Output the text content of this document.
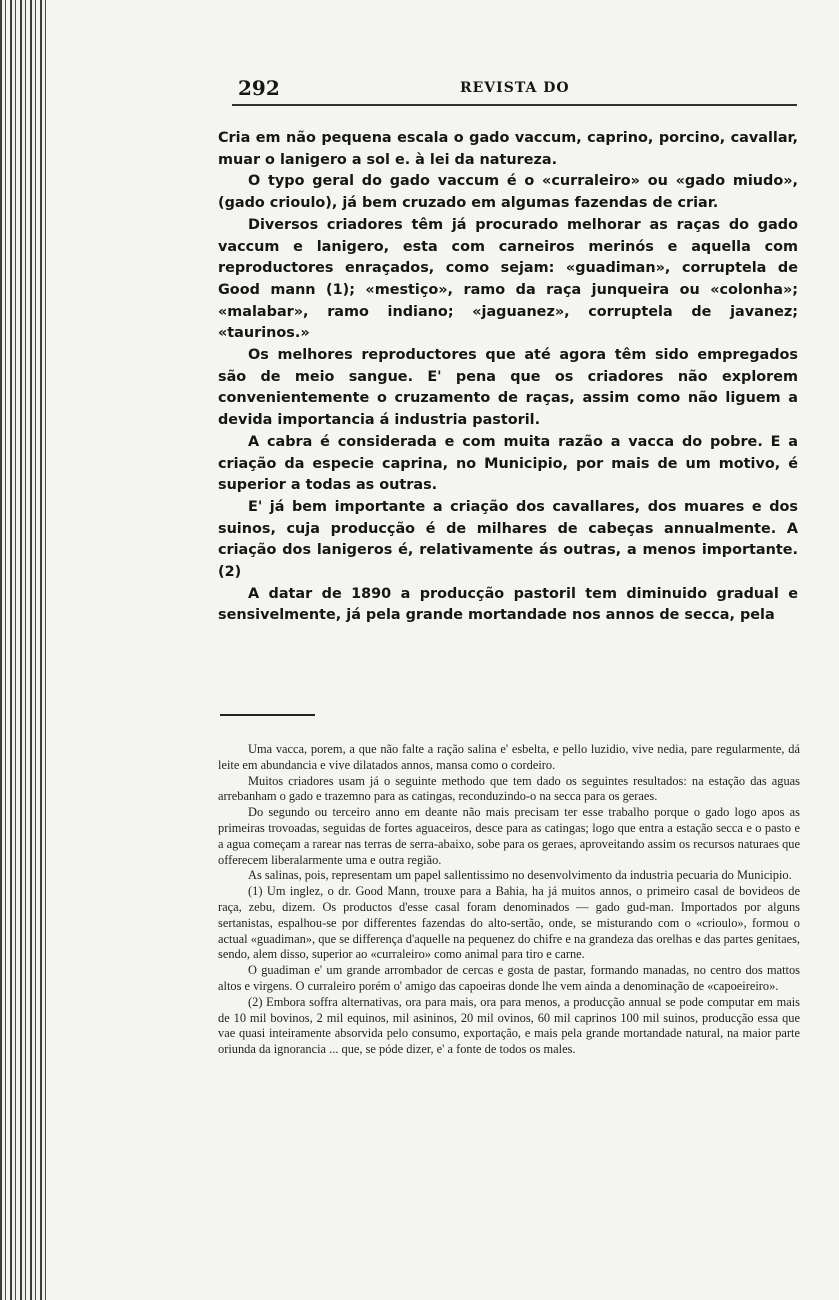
292	REVISTA DO

Cria em não pequena escala o gado vaccum, caprino, porcino, cavallar, muar o lanigero a sol e. à lei da natureza.

O typo geral do gado vaccum é o «curraleiro» ou «gado miudo», (gado crioulo), já bem cruzado em algumas fazendas de criar.

Diversos criadores têm já procurado melhorar as raças do gado vaccum e lanigero, esta com carneiros merinós e aquella com reproductores enraçados, como sejam: «guadiman», corruptela de Good mann (1); «mestiço», ramo da raça junqueira ou «colonha»; «malabar», ramo indiano; «jaguanez», corruptela de javanez; «taurinos.»

Os melhores reproductores que até agora têm sido empregados são de meio sangue. E' pena que os criadores não explorem convenientemente o cruzamento de raças, assim como não liguem a devida importancia á industria pastoril.

A cabra é considerada e com muita razão a vacca do pobre. E a criação da especie caprina, no Municipio, por mais de um motivo, é superior a todas as outras.

E' já bem importante a criação dos cavallares, dos muares e dos suinos, cuja producção é de milhares de cabeças annualmente. A criação dos lanigeros é, relativamente ás outras, a menos importante. (2)

A datar de 1890 a producção pastoril tem diminuido gradual e sensivelmente, já pela grande mortandade nos annos de secca, pela

Uma vacca, porem, a que não falte a ração salina e' esbelta, e pello luzidio, vive nedia, pare regularmente, dá leite em abundancia e vive dilatados annos, mansa como o cordeiro.

Muitos criadores usam já o seguinte methodo que tem dado os seguintes resultados: na estação das aguas arrebanham o gado e trazemno para as catingas, reconduzindo-o na secca para os geraes.

Do segundo ou terceiro anno em deante não mais precisam ter esse trabalho porque o gado logo apos as primeiras trovoadas, seguidas de fortes aguaceiros, desce para as catingas; logo que entra a estação secca e o pasto e a agua começam a rarear nas terras de serra-abaixo, sobe para os geraes, aproveitando assim os recursos naturaes que offerecem liberalarmente uma e outra região.

As salinas, pois, representam um papel sallentissimo no desenvolvimento da industria pecuaria do Municipio.

(1) Um inglez, o dr. Good Mann, trouxe para a Bahia, ha já muitos annos, o primeiro casal de bovideos de raça, zebu, dizem. Os productos d'esse casal foram denominados — gado gud-man. Importados por alguns sertanistas, espalhou-se por differentes fazendas do alto-sertão, onde, se misturando com o «crioulo», formou o actual «guadiman», que se differença d'aquelle na pequenez do chifre e na grandeza das orelhas e das partes genitaes, sendo, alem disso, superior ao «curraleiro» como animal para tiro e carne.

O guadiman e' um grande arrombador de cercas e gosta de pastar, formando manadas, no centro dos mattos altos e virgens. O curraleiro porém o' amigo das capoeiras donde lhe vem ainda a denominação de «capoeireiro».

(2) Embora soffra alternativas, ora para mais, ora para menos, a producção annual se pode computar em mais de 10 mil bovinos, 2 mil equinos, mil asininos, 20 mil ovinos, 60 mil caprinos 100 mil suinos, producção essa que vae quasi inteiramente absorvida pelo consumo, exportação, e mais pela grande mortandade natural, na maior parte oriunda da ignorancia ... que, se póde dizer, e' a fonte de todos os males.
